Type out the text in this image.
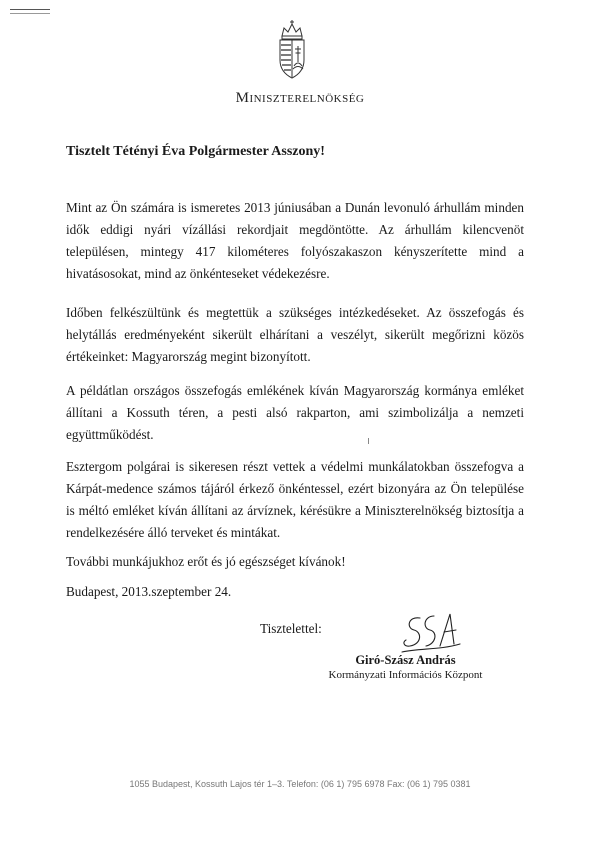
Miniszterelnökség
Tisztelt Tétényi Éva Polgármester Asszony!
Mint az Ön számára is ismeretes 2013 júniusában a Dunán levonuló árhullám minden
idők eddigi nyári vízállási rekordjait megdöntötte. Az árhullám kilencvenöt
településen, mintegy 417 kilométeres folyószakaszon kényszerítette mind a
hivatásosokat, mind az önkénteseket védekezésre.
Időben felkészültünk és megtettük a szükséges intézkedéseket. Az összefogás és
helytállás eredményeként sikerült elhárítani a veszélyt, sikerült megőrizni közös
értékeinket: Magyarország megint bizonyított.
A példátlan országos összefogás emlékének kíván Magyarország kormánya emléket
állítani a Kossuth téren, a pesti alsó rakparton, ami szimbolizálja a nemzeti
együttműködést.
Esztergom polgárai is sikeresen részt vettek a védelmi munkálatokban összefogva a
Kárpát-medence számos tájáról érkező önkéntessel, ezért bizonyára az Ön települése
is méltó emléket kíván állítani az árvíznek, kérésükre a Miniszterelnökség biztosítja a
rendelkezésére álló terveket és mintákat.
További munkájukhoz erőt és jó egészséget kívánok!
Budapest, 2013.szeptember 24.
Tisztelettel:
Giró-Szász András
Kormányzati Információs Központ
1055 Budapest, Kossuth Lajos tér 1–3. Telefon: (06 1) 795 6978 Fax: (06 1) 795 0381
